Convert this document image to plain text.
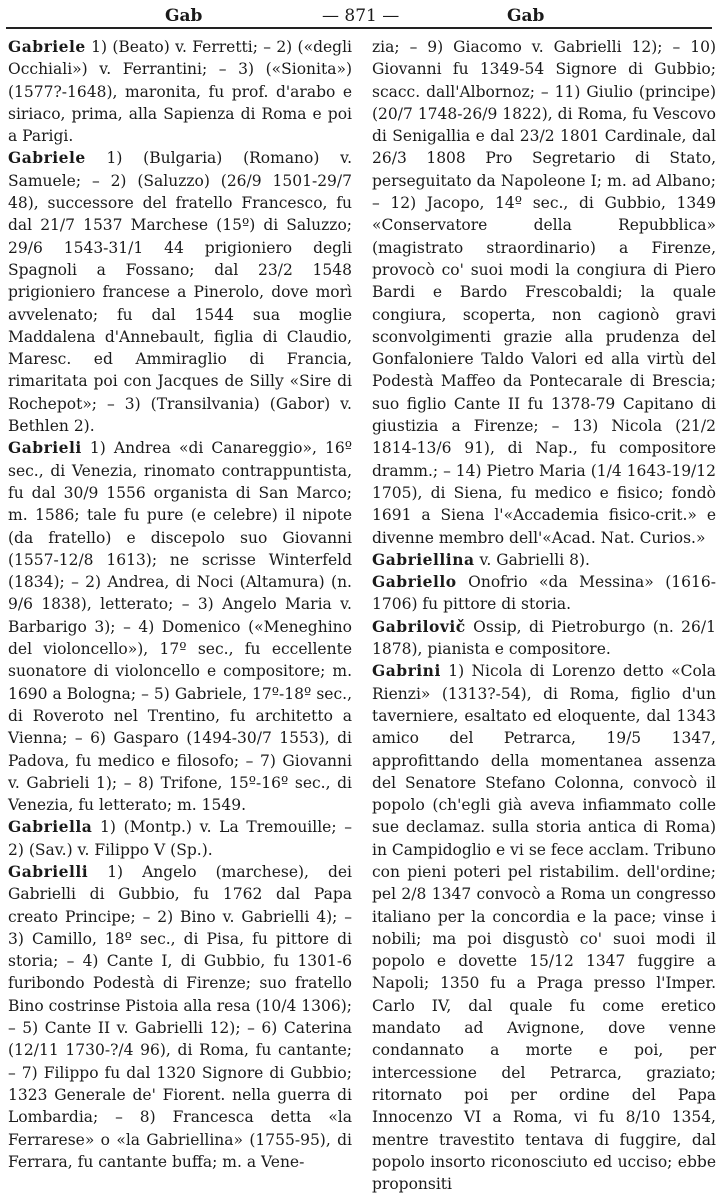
Gab	— 871 —	Gab

Gabriele 1) (Beato) v. Ferretti; – 2) («degli Occhiali») v. Ferrantini; – 3) («Sionita») (1577?-1648), maronita, fu prof. d'arabo e siriaco, prima, alla Sapienza di Roma e poi a Parigi.

Gabriele 1) (Bulgaria) (Romano) v. Samuele; – 2) (Saluzzo) (26/9 1501-29/7 48), successore del fratello Francesco, fu dal 21/7 1537 Marchese (15º) di Saluzzo; 29/6 1543-31/1 44 prigioniero degli Spagnoli a Fossano; dal 23/2 1548 prigioniero francese a Pinerolo, dove morì avvelenato; fu dal 1544 sua moglie Maddalena d'Annebault, figlia di Claudio, Maresc. ed Ammiraglio di Francia, rimaritata poi con Jacques de Silly «Sire di Rochepot»; – 3) (Transilvania) (Gabor) v. Bethlen 2).

Gabrieli 1) Andrea «di Canareggio», 16º sec., di Venezia, rinomato contrappuntista, fu dal 30/9 1556 organista di San Marco; m. 1586; tale fu pure (e celebre) il nipote (da fratello) e discepolo suo Giovanni (1557-12/8 1613); ne scrisse Winterfeld (1834); – 2) Andrea, di Noci (Altamura) (n. 9/6 1838), letterato; – 3) Angelo Maria v. Barbarigo 3); – 4) Domenico («Meneghino del violoncello»), 17º sec., fu eccellente suonatore di violoncello e compositore; m. 1690 a Bologna; – 5) Gabriele, 17º-18º sec., di Roveroto nel Trentino, fu architetto a Vienna; – 6) Gasparo (1494-30/7 1553), di Padova, fu medico e filosofo; – 7) Giovanni v. Gabrieli 1); – 8) Trifone, 15º-16º sec., di Venezia, fu letterato; m. 1549.

Gabriella 1) (Montp.) v. La Tremouille; – 2) (Sav.) v. Filippo V (Sp.).

Gabrielli 1) Angelo (marchese), dei Gabrielli di Gubbio, fu 1762 dal Papa creato Principe; – 2) Bino v. Gabrielli 4); – 3) Camillo, 18º sec., di Pisa, fu pittore di storia; – 4) Cante I, di Gubbio, fu 1301-6 furibondo Podestà di Firenze; suo fratello Bino costrinse Pistoia alla resa (10/4 1306); – 5) Cante II v. Gabrielli 12); – 6) Caterina (12/11 1730-?/4 96), di Roma, fu cantante; – 7) Filippo fu dal 1320 Signore di Gubbio; 1323 Generale de' Fiorent. nella guerra di Lombardia; – 8) Francesca detta «la Ferrarese» o «la Gabriellina» (1755-95), di Ferrara, fu cantante buffa; m. a Vene-

zia; – 9) Giacomo v. Gabrielli 12); – 10) Giovanni fu 1349-54 Signore di Gubbio; scacc. dall'Albornoz; – 11) Giulio (principe) (20/7 1748-26/9 1822), di Roma, fu Vescovo di Senigallia e dal 23/2 1801 Cardinale, dal 26/3 1808 Pro Segretario di Stato, perseguitato da Napoleone I; m. ad Albano; – 12) Jacopo, 14º sec., di Gubbio, 1349 «Conservatore della Repubblica» (magistrato straordinario) a Firenze, provocò co' suoi modi la congiura di Piero Bardi e Bardo Frescobaldi; la quale congiura, scoperta, non cagionò gravi sconvolgimenti grazie alla prudenza del Gonfaloniere Taldo Valori ed alla virtù del Podestà Maffeo da Pontecarale di Brescia; suo figlio Cante II fu 1378-79 Capitano di giustizia a Firenze; – 13) Nicola (21/2 1814-13/6 91), di Nap., fu compositore dramm.; – 14) Pietro Maria (1/4 1643-19/12 1705), di Siena, fu medico e fisico; fondò 1691 a Siena l'«Accademia fisico-crit.» e divenne membro dell'«Acad. Nat. Curios.»

Gabriellina v. Gabrielli 8).

Gabriello Onofrio «da Messina» (1616-1706) fu pittore di storia.

Gabrilovič Ossip, di Pietroburgo (n. 26/1 1878), pianista e compositore.

Gabrini 1) Nicola di Lorenzo detto «Cola Rienzi» (1313?-54), di Roma, figlio d'un taverniere, esaltato ed eloquente, dal 1343 amico del Petrarca, 19/5 1347, approfittando della momentanea assenza del Senatore Stefano Colonna, convocò il popolo (ch'egli già aveva infiammato colle sue declamaz. sulla storia antica di Roma) in Campidoglio e vi se fece acclam. Tribuno con pieni poteri pel ristabilim. dell'ordine; pel 2/8 1347 convocò a Roma un congresso italiano per la concordia e la pace; vinse i nobili; ma poi disgustò co' suoi modi il popolo e dovette 15/12 1347 fuggire a Napoli; 1350 fu a Praga presso l'Imper. Carlo IV, dal quale fu come eretico mandato ad Avignone, dove venne condannato a morte e poi, per intercessione del Petrarca, graziato; ritornato poi per ordine del Papa Innocenzo VI a Roma, vi fu 8/10 1354, mentre travestito tentava di fuggire, dal popolo insorto riconosciuto ed ucciso; ebbe proponsiti
